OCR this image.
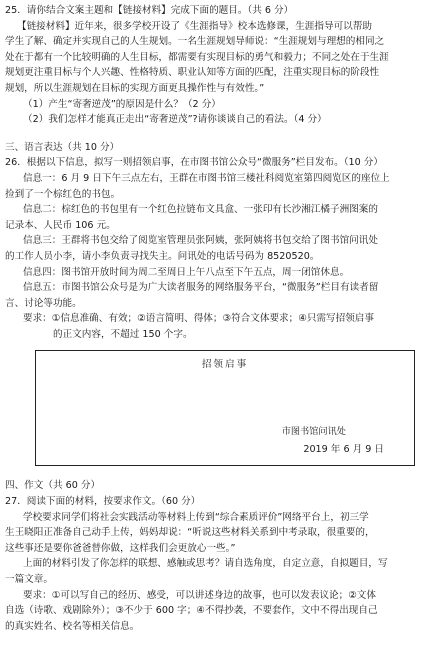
25．请你结合文案主题和【链接材料】完成下面的题目。（共 6 分）
【链接材料】近年来，很多学校开设了《生涯指导》校本选修课，生涯指导可以帮助
学生了解、确定并实现自己的人生规划。一名生涯规划导师说：“生涯规划与理想的相同之
处在于都有一个比较明确的人生目标，都需要有实现目标的勇气和毅力；不同之处在于生涯
规划更注重目标与个人兴趣、性格特质、职业认知等方面的匹配，注重实现目标的阶段性
规划，所以生涯规划在目标的实现方面更具操作性与有效性。”
（1）产生“寄奢逆茂”的原因是什么？（2 分）
（2）我们怎样才能真正走出“寄奢逆茂”?请你谈谈自己的看法。（4 分）
三、语言表达（共 10 分）
26．根据以下信息，拟写一则招领启事，在市图书馆公众号“微服务”栏目发布。（10 分）
信息一：6 月 9 日下午三点左右，王群在市图书馆三楼社科阅览室第四阅览区的座位上
捡到了一个棕红色的书包。
信息二：棕红色的书包里有一个红色拉链布文具盒、一张印有长沙湘江橘子洲图案的
记录本、人民币 106 元。
信息三：王群将书包交给了阅览室管理员张阿姨，张阿姨将书包交给了图书馆问讯处
的工作人员小李，请小李负责寻找失主。问讯处的电话号码为 8520520。
信息四：图书馆开放时间为周二至周日上午八点至下午五点，周一闭馆休息。
信息五：市图书馆公众号是为广大读者服务的网络服务平台，“微服务”栏目有读者留
言、讨论等功能。
要求：①信息准确、有效；②语言简明、得体；③符合文体要求；④只需写招领启事
的正文内容，不超过 150 个字。
招领启事
市图书馆问讯处
2019 年 6 月 9 日
四、作文（共 60 分）
27．阅读下面的材料，按要求作文。（60 分）
学校要求同学们将社会实践活动等材料上传到“综合素质评价”网络平台上，初三学
生王晓阳正准备自己动手上传，妈妈却说：“听说这些材料关系到中考录取，很重要的，
这些事还是要你爸爸替你做，这样我们会更放心一些。”
上面的材料引发了你怎样的联想、感触或思考？请自选角度，自定立意，自拟题目，写
一篇文章。
要求：①可以写自己的经历、感受，可以讲述身边的故事，也可以发表议论；②文体
自选（诗歌、戏剧除外）；③不少于 600 字；④不得抄袭，不要套作，文中不得出现自己
的真实姓名、校名等相关信息。
